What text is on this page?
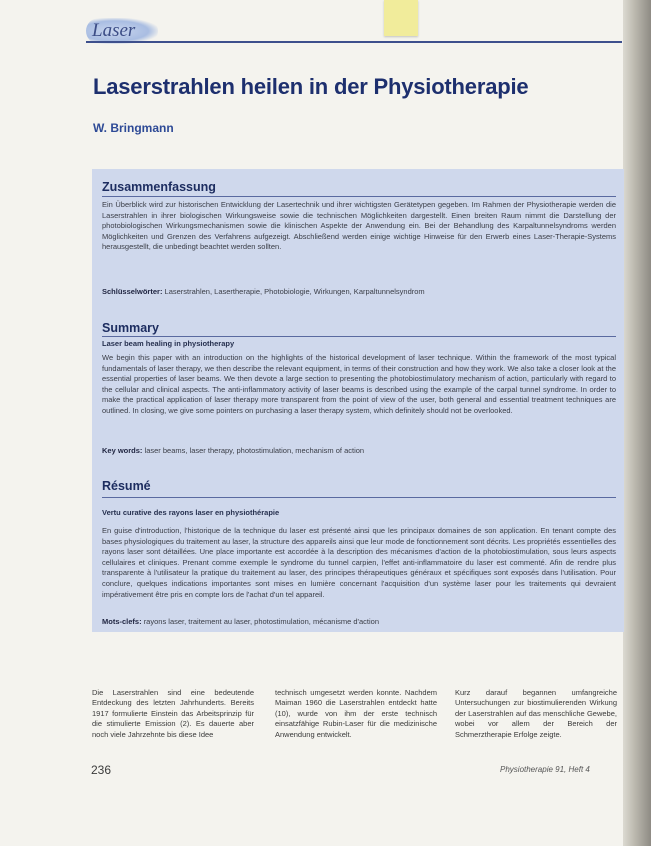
Laser
Laserstrahlen heilen in der Physiotherapie

W. Bringmann

Zusammenfassung

Ein Überblick wird zur historischen Entwicklung der Lasertechnik und ihrer wichtigsten Gerätetypen gegeben. Im Rahmen der Physiotherapie werden die Laserstrahlen in ihrer biologischen Wirkungsweise sowie die technischen Möglichkeiten dargestellt. Einen breiten Raum nimmt die Darstellung der photobiologischen Wirkungsmechanismen sowie die klinischen Aspekte der Anwendung ein. Bei der Behandlung des Karpaltunnelsyndroms werden Möglichkeiten und Grenzen des Verfahrens aufgezeigt. Abschließend werden einige wichtige Hinweise für den Erwerb eines Laser-Therapie-Systems herausgestellt, die unbedingt beachtet werden sollten.

Schlüsselwörter: Laserstrahlen, Lasertherapie, Photobiologie, Wirkungen, Karpaltunnelsyndrom

Summary

Laser beam healing in physiotherapy

We begin this paper with an introduction on the highlights of the historical development of laser technique. Within the framework of the most typical fundamentals of laser therapy, we then describe the relevant equipment, in terms of their construction and how they work. We also take a closer look at the essential properties of laser beams. We then devote a large section to presenting the photobiostimulatory mechanism of action, particularly with regard to the cellular and clinical aspects. The anti-inflammatory activity of laser beams is described using the example of the carpal tunnel syndrome. In order to make the practical application of laser therapy more transparent from the point of view of the user, both general and essential treatment techniques are outlined. In closing, we give some pointers on purchasing a laser therapy system, which definitely should not be overlooked.

Key words: laser beams, laser therapy, photostimulation, mechanism of action

Résumé

Vertu curative des rayons laser en physiothérapie

En guise d'introduction, l'historique de la technique du laser est présenté ainsi que les principaux domaines de son application. En tenant compte des bases physiologiques du traitement au laser, la structure des appareils ainsi que leur mode de fonctionnement sont décrits. Les propriétés essentielles des rayons laser sont détaillées. Une place importante est accordée à la description des mécanismes d'action de la photobiostimulation, sous leurs aspects cellulaires et cliniques. Prenant comme exemple le syndrome du tunnel carpien, l'effet anti-inflammatoire du laser est commenté. Afin de rendre plus transparente à l'utilisateur la pratique du traitement au laser, des principes thérapeutiques généraux et spécifiques sont exposés dans l'utilisation. Pour conclure, quelques indications importantes sont mises en lumière concernant l'acquisition d'un système laser pour les traitements qui devraient impérativement être pris en compte lors de l'achat d'un tel appareil.

Mots-clefs: rayons laser, traitement au laser, photostimulation, mécanisme d'action

Die Laserstrahlen sind eine bedeutende Entdeckung des letzten Jahrhunderts. Bereits 1917 formulierte Einstein das Arbeitsprinzip für die stimulierte Emission (2). Es dauerte aber noch viele Jahrzehnte bis diese Idee

technisch umgesetzt werden konnte. Nachdem Maiman 1960 die Laserstrahlen entdeckt hatte (10), wurde von ihm der erste technisch einsatzfähige Rubin-Laser für die medizinische Anwendung entwickelt.

Kurz darauf begannen umfangreiche Untersuchungen zur biostimulierenden Wirkung der Laserstrahlen auf das menschliche Gewebe, wobei vor allem der Bereich der Schmerztherapie Erfolge zeigte.

236	Physiotherapie 91, Heft 4
